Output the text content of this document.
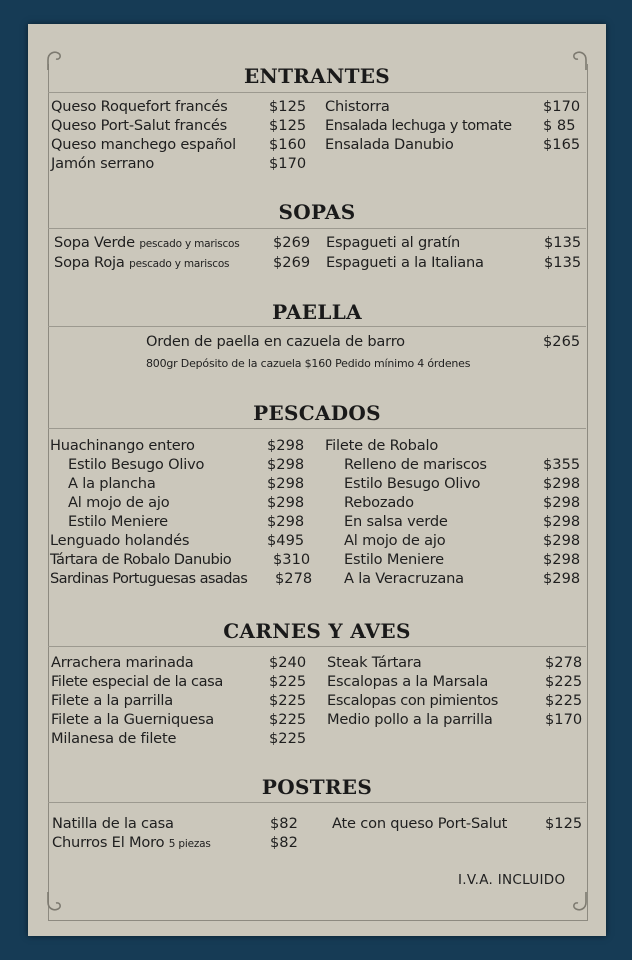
ENTRANTES
Queso Roquefort francés	$125
Queso Port-Salut francés	$125
Queso manchego español $160
Jamón serrano	$170
Chistorra	$170
Ensalada lechuga y tomate $ 85
Ensalada Danubio	$165
SOPAS
Sopa Verde pescado y mariscos $269
Sopa Roja pescado y mariscos	$269
Espagueti al gratín	$135
Espagueti a la Italiana	$135
PAELLA
Orden de paella en cazuela de barro	$265
800gr Depósito de la cazuela $160 Pedido mínimo 4 órdenes
PESCADOS
Huachinango entero	$298
Estilo Besugo Olivo	$298
A la plancha	$298
Al mojo de ajo	$298
Estilo Meniere	$298
Lenguado holandés	$495
Tártara de Robalo Danubio	$310
Sardinas Portuguesas asadas $278
Filete de Robalo
Relleno de mariscos	$355
Estilo Besugo Olivo	$298
Rebozado	$298
En salsa verde	$298
Al mojo de ajo	$298
Estilo Meniere	$298
A la Veracruzana	$298
CARNES Y AVES
Arrachera marinada	$240
Filete especial de la casa	$225
Filete a la parrilla	$225
Filete a la Guerniquesa	$225
Milanesa de filete	$225
Steak Tártara	$278
Escalopas a la Marsala	$225
Escalopas con pimientos	$225
Medio pollo a la parrilla	$170
POSTRES
Natilla de la casa	$82
Churros El Moro 5 piezas	$82
Ate con queso Port-Salut	$125
I.V.A. INCLUIDO
